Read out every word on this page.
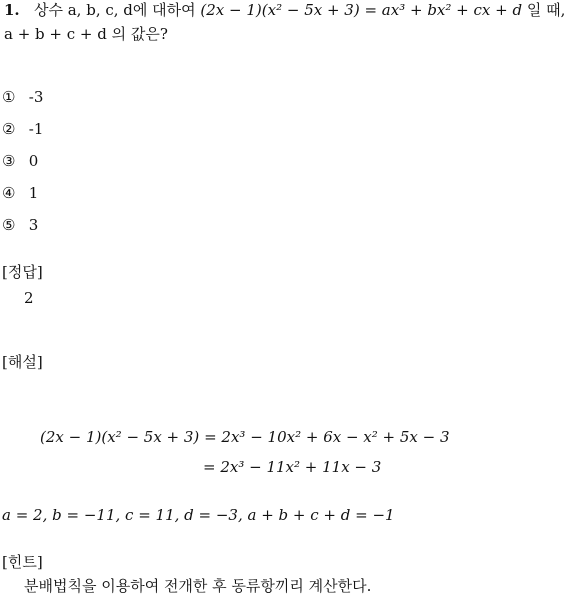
1. 상수 a, b, c, d에 대하여 (2x − 1)(x² − 5x + 3) = ax³ + bx² + cx + d 일 때,
a + b + c + d 의 값은?
① -3
② -1
③ 0
④ 1
⑤ 3
[정답]
2
[해설]
(2x − 1)(x² − 5x + 3) = 2x³ − 10x² + 6x − x² + 5x − 3
= 2x³ − 11x² + 11x − 3
a = 2, b = −11, c = 11, d = −3, a + b + c + d = −1
[힌트]
분배법칙을 이용하여 전개한 후 동류항끼리 계산한다.
